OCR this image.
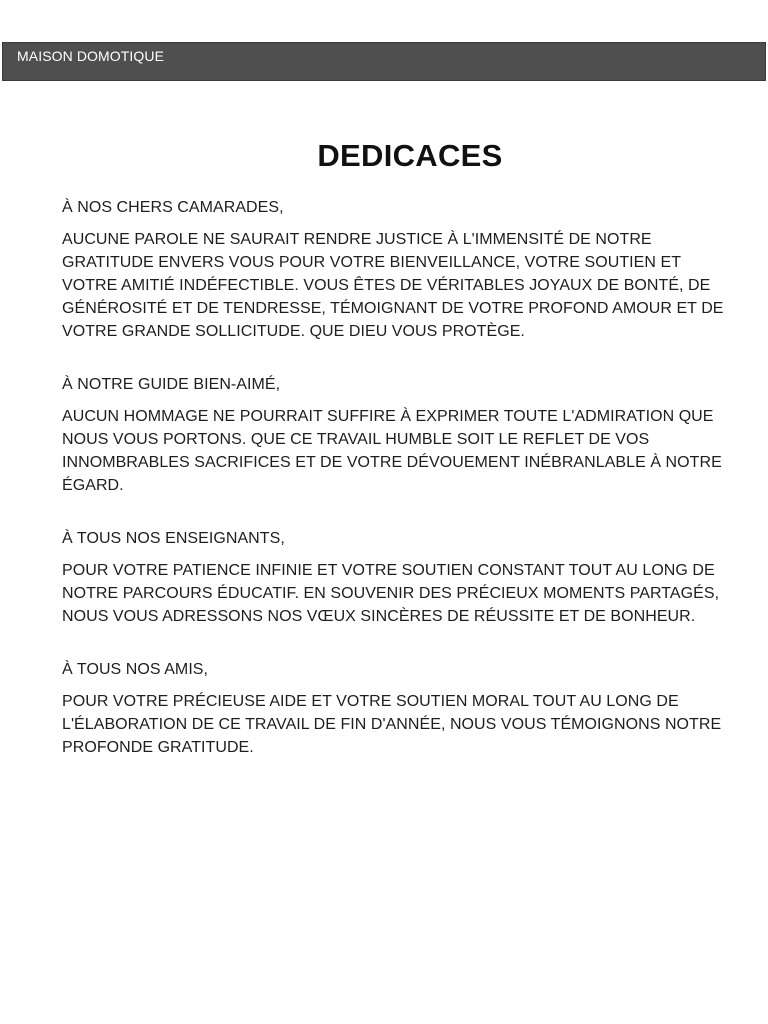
MAISON DOMOTIQUE
DEDICACES

À NOS CHERS CAMARADES,

AUCUNE PAROLE NE SAURAIT RENDRE JUSTICE À L'IMMENSITÉ DE NOTRE GRATITUDE ENVERS VOUS POUR VOTRE BIENVEILLANCE, VOTRE SOUTIEN ET VOTRE AMITIÉ INDÉFECTIBLE. VOUS ÊTES DE VÉRITABLES JOYAUX DE BONTÉ, DE GÉNÉROSITÉ ET DE TENDRESSE, TÉMOIGNANT DE VOTRE PROFOND AMOUR ET DE VOTRE GRANDE SOLLICITUDE. QUE DIEU VOUS PROTÈGE.

À NOTRE GUIDE BIEN-AIMÉ,

AUCUN HOMMAGE NE POURRAIT SUFFIRE À EXPRIMER TOUTE L'ADMIRATION QUE NOUS VOUS PORTONS. QUE CE TRAVAIL HUMBLE SOIT LE REFLET DE VOS INNOMBRABLES SACRIFICES ET DE VOTRE DÉVOUEMENT INÉBRANLABLE À NOTRE ÉGARD.

À TOUS NOS ENSEIGNANTS,

POUR VOTRE PATIENCE INFINIE ET VOTRE SOUTIEN CONSTANT TOUT AU LONG DE NOTRE PARCOURS ÉDUCATIF. EN SOUVENIR DES PRÉCIEUX MOMENTS PARTAGÉS, NOUS VOUS ADRESSONS NOS VŒUX SINCÈRES DE RÉUSSITE ET DE BONHEUR.

À TOUS NOS AMIS,

POUR VOTRE PRÉCIEUSE AIDE ET VOTRE SOUTIEN MORAL TOUT AU LONG DE L'ÉLABORATION DE CE TRAVAIL DE FIN D'ANNÉE, NOUS VOUS TÉMOIGNONS NOTRE PROFONDE GRATITUDE.
